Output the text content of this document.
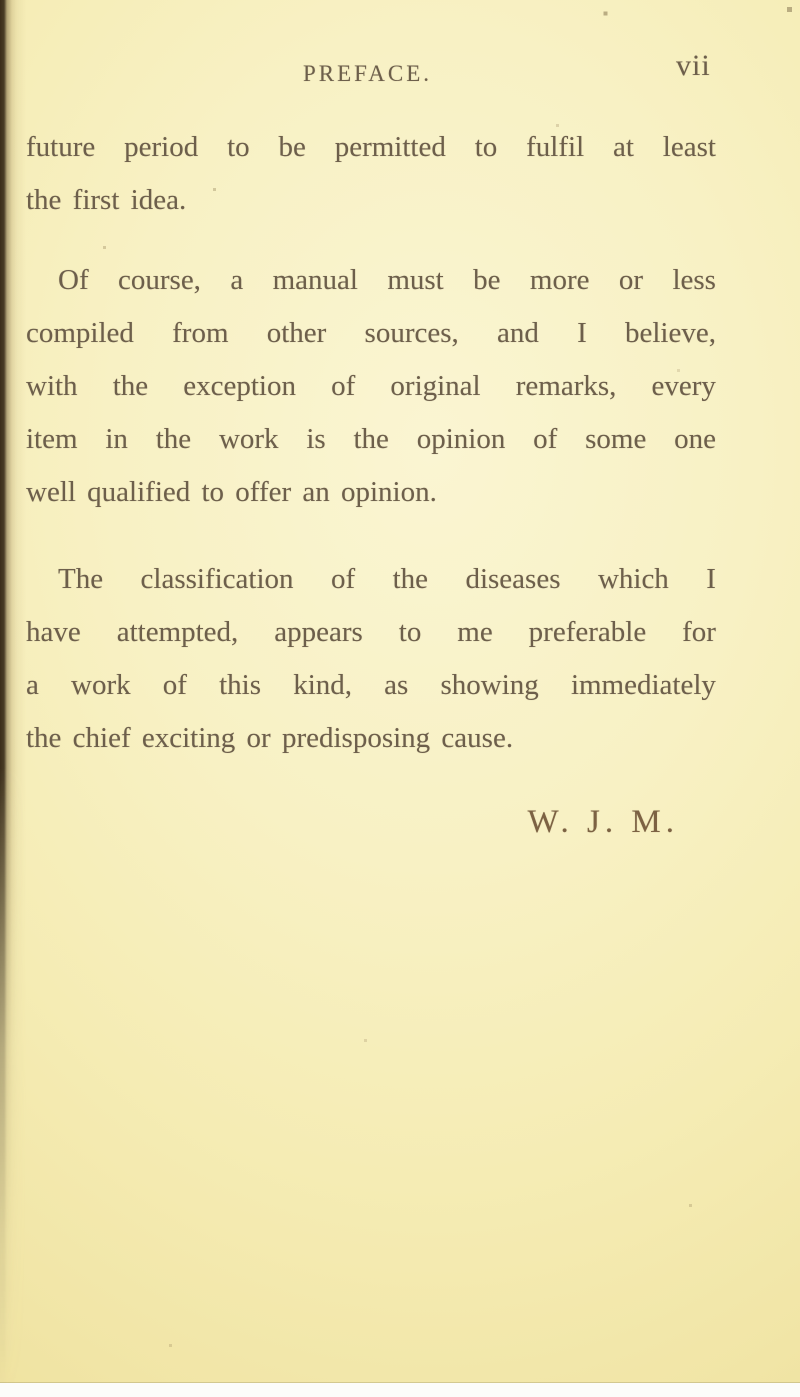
PREFACE.	vii
future period to be permitted to fulfil at least
the first idea.
Of course, a manual must be more or less
compiled from other sources, and I believe,
with the exception of original remarks, every
item in the work is the opinion of some one
well qualified to offer an opinion.
The classification of the diseases which I
have attempted, appears to me preferable for
a work of this kind, as showing immediately
the chief exciting or predisposing cause.
W. J. M.
